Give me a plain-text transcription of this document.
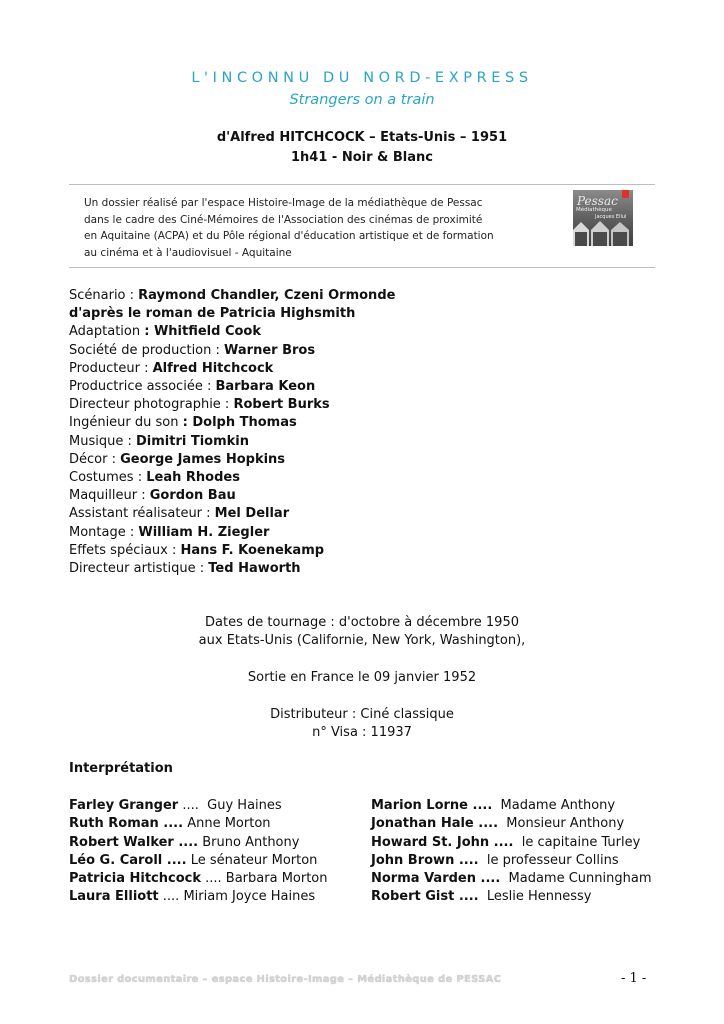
L'INCONNU DU NORD-EXPRESS
Strangers on a train
d'Alfred HITCHCOCK – Etats-Unis – 1951
1h41 - Noir & Blanc
Un dossier réalisé par l'espace Histoire-Image de la médiathèque de Pessac
dans le cadre des Ciné-Mémoires de l'Association des cinémas de proximité
en Aquitaine (ACPA) et du Pôle régional d'éducation artistique et de formation
au cinéma et à l'audiovisuel - Aquitaine
Pessac
Médiathèque
Jacques Ellul
Scénario : Raymond Chandler, Czeni Ormonde
d'après le roman de Patricia Highsmith
Adaptation : Whitfield Cook
Société de production : Warner Bros
Producteur : Alfred Hitchcock
Productrice associée : Barbara Keon
Directeur photographie : Robert Burks
Ingénieur du son : Dolph Thomas
Musique : Dimitri Tiomkin
Décor : George James Hopkins
Costumes : Leah Rhodes
Maquilleur : Gordon Bau
Assistant réalisateur : Mel Dellar
Montage : William H. Ziegler
Effets spéciaux : Hans F. Koenekamp
Directeur artistique : Ted Haworth
Dates de tournage : d'octobre à décembre 1950
aux Etats-Unis (Californie, New York, Washington),
Sortie en France le 09 janvier 1952
Distributeur : Ciné classique
n° Visa : 11937
Interprétation
Farley Granger ....  Guy Haines
Ruth Roman .... Anne Morton
Robert Walker .... Bruno Anthony
Léo G. Caroll .... Le sénateur Morton
Patricia Hitchcock .... Barbara Morton
Laura Elliott .... Miriam Joyce Haines
Marion Lorne .... Madame Anthony
Jonathan Hale .... Monsieur Anthony
Howard St. John .... le capitaine Turley
John Brown .... le professeur Collins
Norma Varden .... Madame Cunningham
Robert Gist .... Leslie Hennessy
Dossier documentaire – espace Histoire-Image – Médiathèque de PESSAC	- 1 -
